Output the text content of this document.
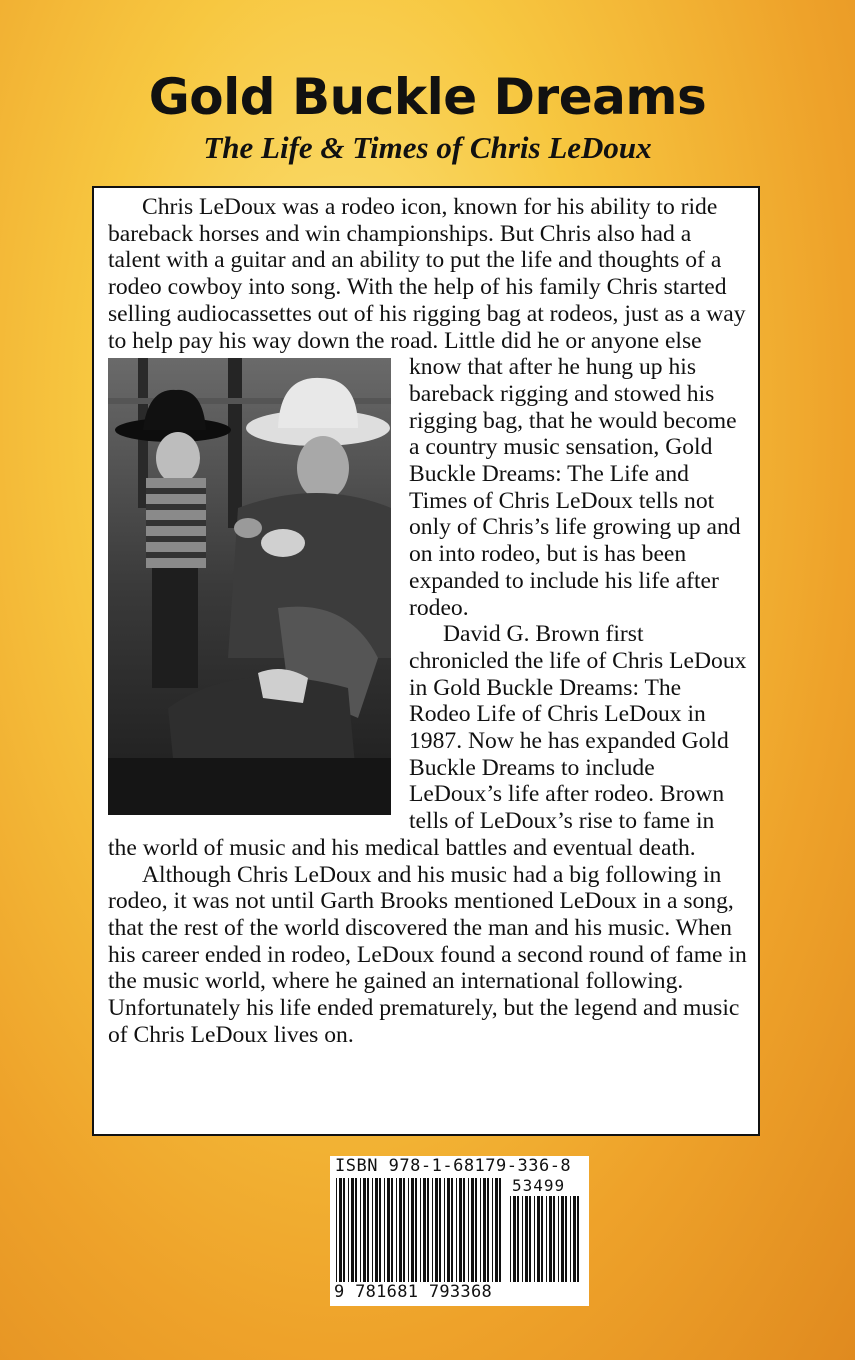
Gold Buckle Dreams
The Life & Times of Chris LeDoux

Chris LeDoux was a rodeo icon, known for his ability to ride bareback horses and win championships. But Chris also had a talent with a guitar and an ability to put the life and thoughts of a rodeo cowboy into song. With the help of his family Chris started selling audiocassettes out of his rigging bag at rodeos, just as a way to help pay his way down the road. Little did he or anyone else
know that after he hung up his bareback rigging and stowed his rigging bag, that he would become a country music sensation, Gold Buckle Dreams: The Life and Times of Chris LeDoux tells not only of Chris’s life growing up and on into rodeo, but is has been expanded to include his life after rodeo.

David G. Brown first chronicled the life of Chris LeDoux in Gold Buckle Dreams: The Rodeo Life of Chris LeDoux in 1987. Now he has expanded Gold Buckle Dreams to include LeDoux’s life after rodeo. Brown tells of LeDoux’s rise to fame in the world of music and his medical battles and eventual death.

Although Chris LeDoux and his music had a big following in rodeo, it was not until Garth Brooks mentioned LeDoux in a song, that the rest of the world discovered the man and his music. When his career ended in rodeo, LeDoux found a second round of fame in the music world, where he gained an international following. Unfortunately his life ended prematurely, but the legend and music of Chris LeDoux lives on.

ISBN 978-1-68179-336-8
53499
9 781681 793368
